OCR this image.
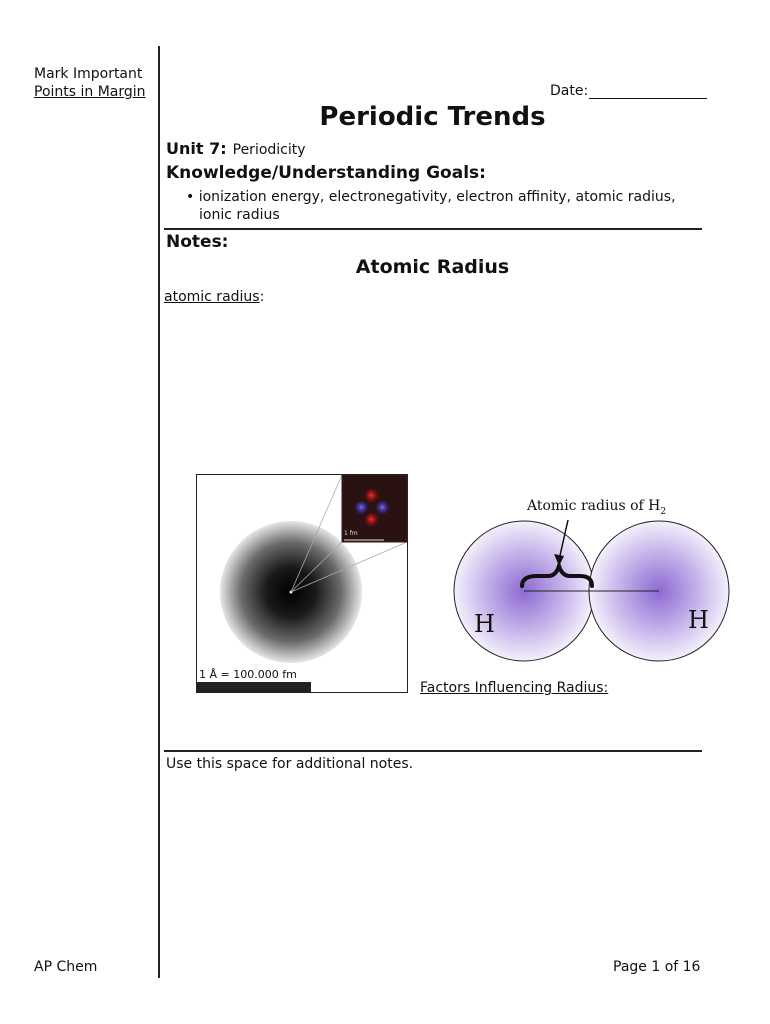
Mark Important
Points in Margin	Date:
Periodic Trends
Unit 7: Periodicity
Knowledge/Understanding Goals:
• ionization energy, electronegativity, electron affinity, atomic radius, ionic radius
Notes:
Atomic Radius
atomic radius:
1 fm
1 Å = 100.000 fm
Atomic radius of $H_2$
H	H
Factors Influencing Radius:
Use this space for additional notes.
AP Chem	Page 1 of 16
